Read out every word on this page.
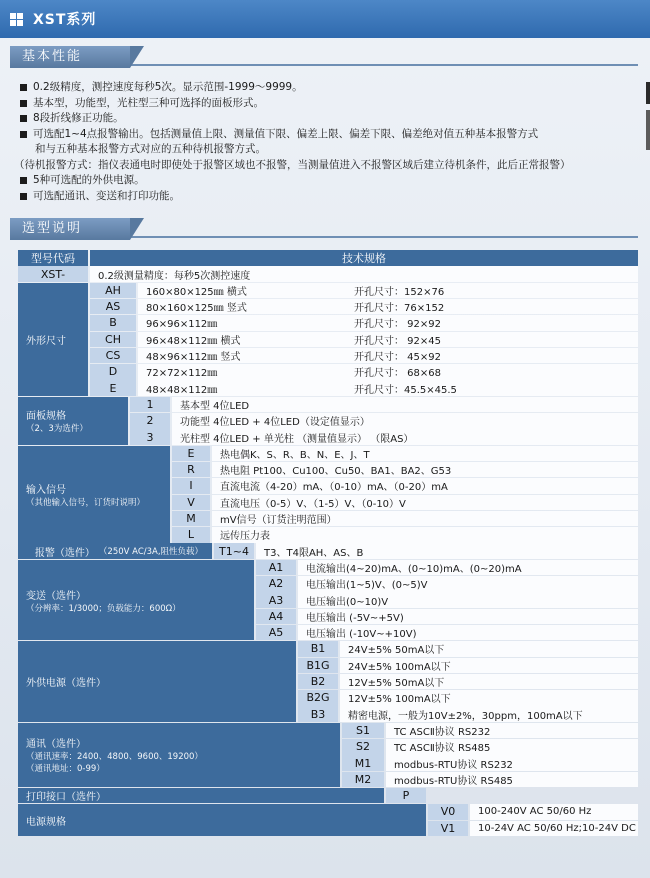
XST系列
基本性能
0.2级精度，测控速度每秒5次。显示范围-1999～9999。
基本型，功能型，光柱型三种可选择的面板形式。
8段折线修正功能。
可选配1~4点报警输出。包括测量值上限、测量值下限、偏差上限、偏差下限、偏差绝对值五种基本报警方式
和与五种基本报警方式对应的五种待机报警方式。
（待机报警方式：指仪表通电时即使处于报警区域也不报警，当测量值进入不报警区域后建立待机条件，此后正常报警）
5种可选配的外供电源。
可选配通讯、变送和打印功能。
选型说明
型号代码	技术规格
XST-	0.2级测量精度：每秒5次测控速度
外形尺寸
AH	160×80×125㎜ 横式	开孔尺寸：152×76
AS	80×160×125㎜ 竖式	开孔尺寸：76×152
B	96×96×112㎜	开孔尺寸： 92×92
CH	96×48×112㎜ 横式	开孔尺寸： 92×45
CS	48×96×112㎜ 竖式	开孔尺寸： 45×92
D	72×72×112㎜	开孔尺寸： 68×68
E	48×48×112㎜	开孔尺寸：45.5×45.5
面板规格
（2、3为选件）
1	基本型 4位LED
2	功能型 4位LED + 4位LED（设定值显示）
3	光柱型 4位LED + 单光柱 （测量值显示） （限AS）
输入信号
（其他输入信号，订货时说明）
E	热电偶K、S、R、B、N、E、J、T
R	热电阻 Pt100、Cu100、Cu50、BA1、BA2、G53
I	直流电流（4-20）mA、（0-10）mA、（0-20）mA
V	直流电压（0-5）V、（1-5）V、（0-10）V
M	mV信号（订货注明范围）
L	远传压力表
报警（选件） （250V AC/3A,阻性负载）	T1~4	T3、T4限AH、AS、B
变送（选件）
（分辨率：1/3000；负载能力：600Ω）
A1	电流输出(4~20)mA、(0~10)mA、(0~20)mA
A2	电压输出(1~5)V、(0~5)V
A3	电压输出(0~10)V
A4	电压输出 (-5V~+5V)
A5	电压输出 (-10V~+10V)
外供电源（选件）
B1	24V±5% 50mA以下
B1G	24V±5% 100mA以下
B2	12V±5% 50mA以下
B2G	12V±5% 100mA以下
B3	精密电源，一般为10V±2%，30ppm，100mA以下
通讯（选件）
（通讯速率：2400、4800、9600、19200）
（通讯地址：0-99）
S1	TC ASCⅡ协议 RS232
S2	TC ASCⅡ协议 RS485
M1	modbus-RTU协议 RS232
M2	modbus-RTU协议 RS485
打印接口（选件）	P
电源规格
V0	100-240V AC 50/60 Hz
V1	10-24V AC 50/60 Hz;10-24V DC
